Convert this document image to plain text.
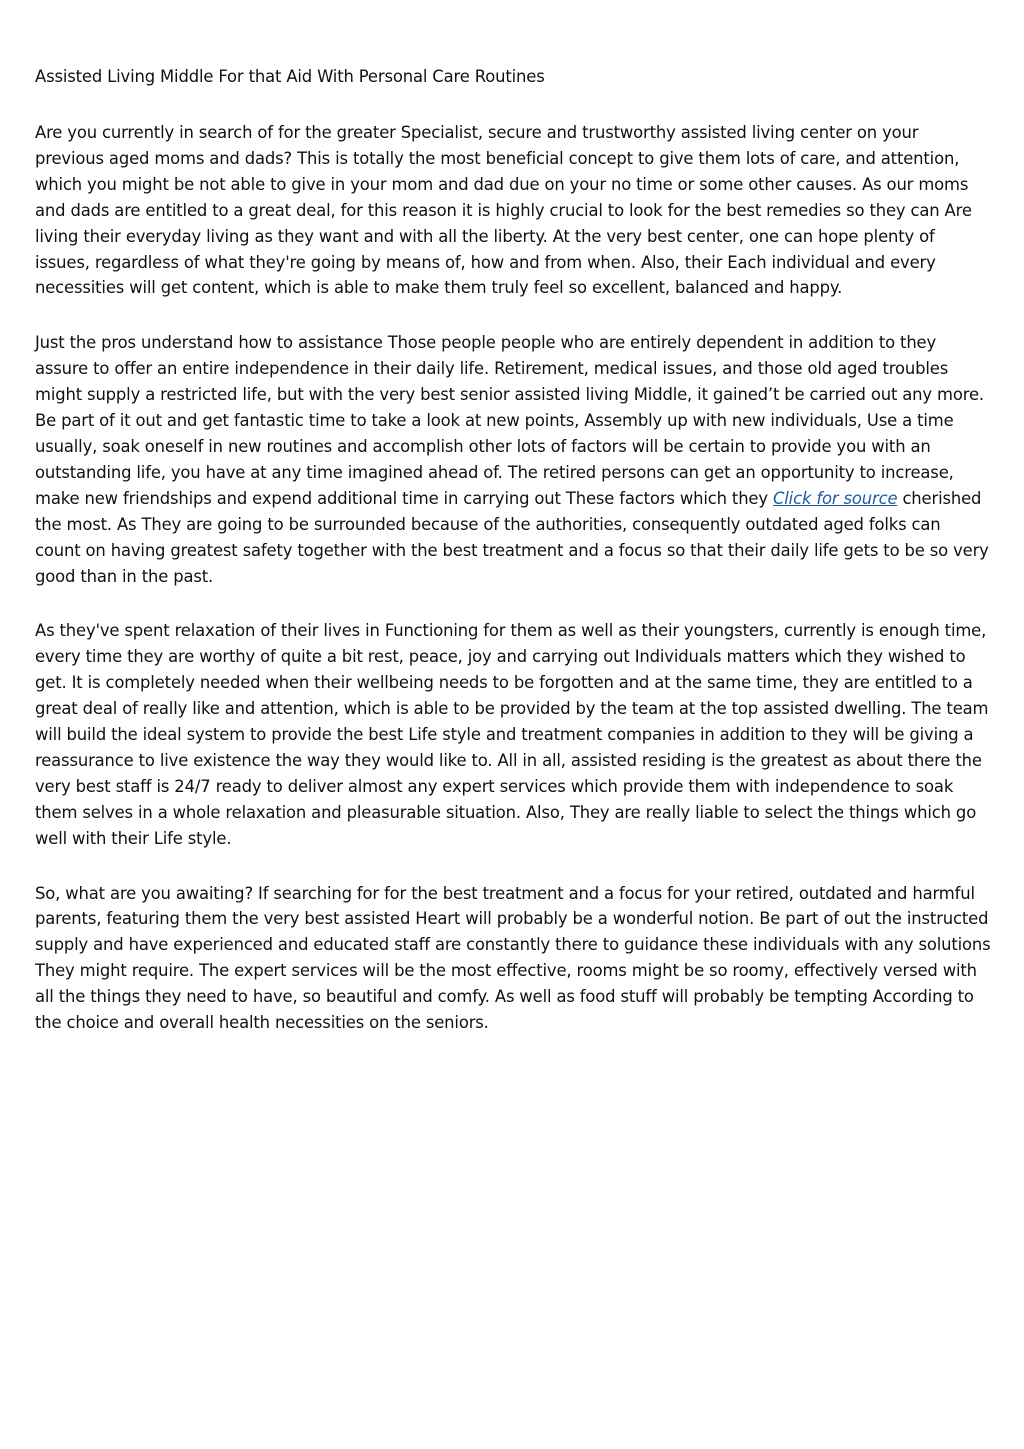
Assisted Living Middle For that Aid With Personal Care Routines

Are you currently in search of for the greater Specialist, secure and trustworthy assisted living center on your previous aged moms and dads? This is totally the most beneficial concept to give them lots of care, and attention, which you might be not able to give in your mom and dad due on your no time or some other causes. As our moms and dads are entitled to a great deal, for this reason it is highly crucial to look for the best remedies so they can Are living their everyday living as they want and with all the liberty. At the very best center, one can hope plenty of issues, regardless of what they're going by means of, how and from when. Also, their Each individual and every necessities will get content, which is able to make them truly feel so excellent, balanced and happy.

Just the pros understand how to assistance Those people people who are entirely dependent in addition to they assure to offer an entire independence in their daily life. Retirement, medical issues, and those old aged troubles might supply a restricted life, but with the very best senior assisted living Middle, it gained’t be carried out any more. Be part of it out and get fantastic time to take a look at new points, Assembly up with new individuals, Use a time usually, soak oneself in new routines and accomplish other lots of factors will be certain to provide you with an outstanding life, you have at any time imagined ahead of. The retired persons can get an opportunity to increase, make new friendships and expend additional time in carrying out These factors which they Click for source cherished the most. As They are going to be surrounded because of the authorities, consequently outdated aged folks can count on having greatest safety together with the best treatment and a focus so that their daily life gets to be so very good than in the past.

As they've spent relaxation of their lives in Functioning for them as well as their youngsters, currently is enough time, every time they are worthy of quite a bit rest, peace, joy and carrying out Individuals matters which they wished to get. It is completely needed when their wellbeing needs to be forgotten and at the same time, they are entitled to a great deal of really like and attention, which is able to be provided by the team at the top assisted dwelling. The team will build the ideal system to provide the best Life style and treatment companies in addition to they will be giving a reassurance to live existence the way they would like to. All in all, assisted residing is the greatest as about there the very best staff is 24/7 ready to deliver almost any expert services which provide them with independence to soak them selves in a whole relaxation and pleasurable situation. Also, They are really liable to select the things which go well with their Life style.

So, what are you awaiting? If searching for for the best treatment and a focus for your retired, outdated and harmful parents, featuring them the very best assisted Heart will probably be a wonderful notion. Be part of out the instructed supply and have experienced and educated staff are constantly there to guidance these individuals with any solutions They might require. The expert services will be the most effective, rooms might be so roomy, effectively versed with all the things they need to have, so beautiful and comfy. As well as food stuff will probably be tempting According to the choice and overall health necessities on the seniors.
